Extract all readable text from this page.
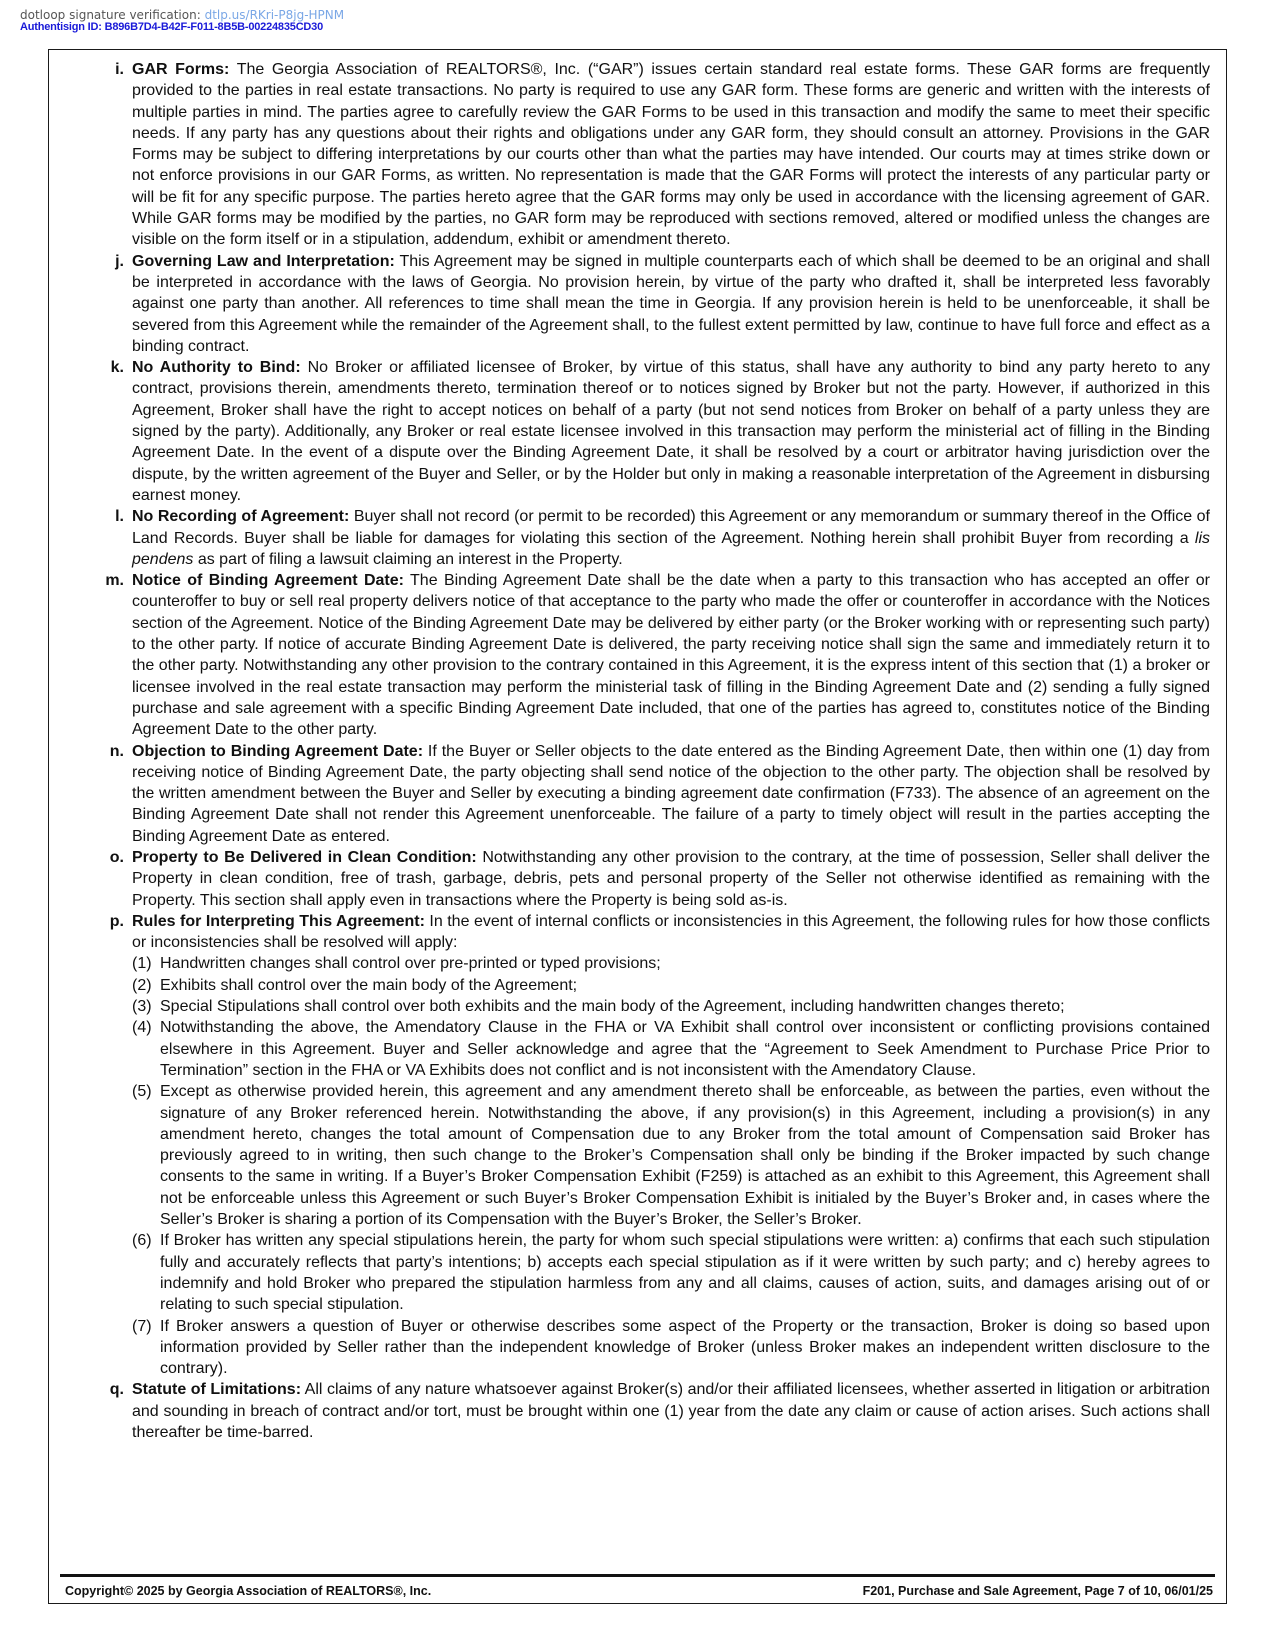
dotloop signature verification: dtlp.us/RKri-P8jg-HPNM
Authentisign ID: B896B7D4-B42F-F011-8B5B-00224835CD30
i. GAR Forms: The Georgia Association of REALTORS®, Inc. (“GAR”) issues certain standard real estate forms. These GAR forms are frequently provided to the parties in real estate transactions. No party is required to use any GAR form. These forms are generic and written with the interests of multiple parties in mind. The parties agree to carefully review the GAR Forms to be used in this transaction and modify the same to meet their specific needs. If any party has any questions about their rights and obligations under any GAR form, they should consult an attorney. Provisions in the GAR Forms may be subject to differing interpretations by our courts other than what the parties may have intended. Our courts may at times strike down or not enforce provisions in our GAR Forms, as written. No representation is made that the GAR Forms will protect the interests of any particular party or will be fit for any specific purpose. The parties hereto agree that the GAR forms may only be used in accordance with the licensing agreement of GAR. While GAR forms may be modified by the parties, no GAR form may be reproduced with sections removed, altered or modified unless the changes are visible on the form itself or in a stipulation, addendum, exhibit or amendment thereto.
j. Governing Law and Interpretation: This Agreement may be signed in multiple counterparts each of which shall be deemed to be an original and shall be interpreted in accordance with the laws of Georgia. No provision herein, by virtue of the party who drafted it, shall be interpreted less favorably against one party than another. All references to time shall mean the time in Georgia. If any provision herein is held to be unenforceable, it shall be severed from this Agreement while the remainder of the Agreement shall, to the fullest extent permitted by law, continue to have full force and effect as a binding contract.
k. No Authority to Bind: No Broker or affiliated licensee of Broker, by virtue of this status, shall have any authority to bind any party hereto to any contract, provisions therein, amendments thereto, termination thereof or to notices signed by Broker but not the party. However, if authorized in this Agreement, Broker shall have the right to accept notices on behalf of a party (but not send notices from Broker on behalf of a party unless they are signed by the party). Additionally, any Broker or real estate licensee involved in this transaction may perform the ministerial act of filling in the Binding Agreement Date. In the event of a dispute over the Binding Agreement Date, it shall be resolved by a court or arbitrator having jurisdiction over the dispute, by the written agreement of the Buyer and Seller, or by the Holder but only in making a reasonable interpretation of the Agreement in disbursing earnest money.
l. No Recording of Agreement: Buyer shall not record (or permit to be recorded) this Agreement or any memorandum or summary thereof in the Office of Land Records. Buyer shall be liable for damages for violating this section of the Agreement. Nothing herein shall prohibit Buyer from recording a lis pendens as part of filing a lawsuit claiming an interest in the Property.
m. Notice of Binding Agreement Date: The Binding Agreement Date shall be the date when a party to this transaction who has accepted an offer or counteroffer to buy or sell real property delivers notice of that acceptance to the party who made the offer or counteroffer in accordance with the Notices section of the Agreement. Notice of the Binding Agreement Date may be delivered by either party (or the Broker working with or representing such party) to the other party. If notice of accurate Binding Agreement Date is delivered, the party receiving notice shall sign the same and immediately return it to the other party. Notwithstanding any other provision to the contrary contained in this Agreement, it is the express intent of this section that (1) a broker or licensee involved in the real estate transaction may perform the ministerial task of filling in the Binding Agreement Date and (2) sending a fully signed purchase and sale agreement with a specific Binding Agreement Date included, that one of the parties has agreed to, constitutes notice of the Binding Agreement Date to the other party.
n. Objection to Binding Agreement Date: If the Buyer or Seller objects to the date entered as the Binding Agreement Date, then within one (1) day from receiving notice of Binding Agreement Date, the party objecting shall send notice of the objection to the other party. The objection shall be resolved by the written amendment between the Buyer and Seller by executing a binding agreement date confirmation (F733). The absence of an agreement on the Binding Agreement Date shall not render this Agreement unenforceable. The failure of a party to timely object will result in the parties accepting the Binding Agreement Date as entered.
o. Property to Be Delivered in Clean Condition: Notwithstanding any other provision to the contrary, at the time of possession, Seller shall deliver the Property in clean condition, free of trash, garbage, debris, pets and personal property of the Seller not otherwise identified as remaining with the Property. This section shall apply even in transactions where the Property is being sold as-is.
p. Rules for Interpreting This Agreement: In the event of internal conflicts or inconsistencies in this Agreement, the following rules for how those conflicts or inconsistencies shall be resolved will apply:
(1) Handwritten changes shall control over pre-printed or typed provisions;
(2) Exhibits shall control over the main body of the Agreement;
(3) Special Stipulations shall control over both exhibits and the main body of the Agreement, including handwritten changes thereto;
(4) Notwithstanding the above, the Amendatory Clause in the FHA or VA Exhibit shall control over inconsistent or conflicting provisions contained elsewhere in this Agreement. Buyer and Seller acknowledge and agree that the “Agreement to Seek Amendment to Purchase Price Prior to Termination” section in the FHA or VA Exhibits does not conflict and is not inconsistent with the Amendatory Clause.
(5) Except as otherwise provided herein, this agreement and any amendment thereto shall be enforceable, as between the parties, even without the signature of any Broker referenced herein. Notwithstanding the above, if any provision(s) in this Agreement, including a provision(s) in any amendment hereto, changes the total amount of Compensation due to any Broker from the total amount of Compensation said Broker has previously agreed to in writing, then such change to the Broker’s Compensation shall only be binding if the Broker impacted by such change consents to the same in writing. If a Buyer’s Broker Compensation Exhibit (F259) is attached as an exhibit to this Agreement, this Agreement shall not be enforceable unless this Agreement or such Buyer’s Broker Compensation Exhibit is initialed by the Buyer’s Broker and, in cases where the Seller’s Broker is sharing a portion of its Compensation with the Buyer’s Broker, the Seller’s Broker.
(6) If Broker has written any special stipulations herein, the party for whom such special stipulations were written: a) confirms that each such stipulation fully and accurately reflects that party’s intentions; b) accepts each special stipulation as if it were written by such party; and c) hereby agrees to indemnify and hold Broker who prepared the stipulation harmless from any and all claims, causes of action, suits, and damages arising out of or relating to such special stipulation.
(7) If Broker answers a question of Buyer or otherwise describes some aspect of the Property or the transaction, Broker is doing so based upon information provided by Seller rather than the independent knowledge of Broker (unless Broker makes an independent written disclosure to the contrary).
q. Statute of Limitations: All claims of any nature whatsoever against Broker(s) and/or their affiliated licensees, whether asserted in litigation or arbitration and sounding in breach of contract and/or tort, must be brought within one (1) year from the date any claim or cause of action arises. Such actions shall thereafter be time-barred.
Copyright© 2025 by Georgia Association of REALTORS®, Inc.	F201, Purchase and Sale Agreement, Page 7 of 10, 06/01/25
